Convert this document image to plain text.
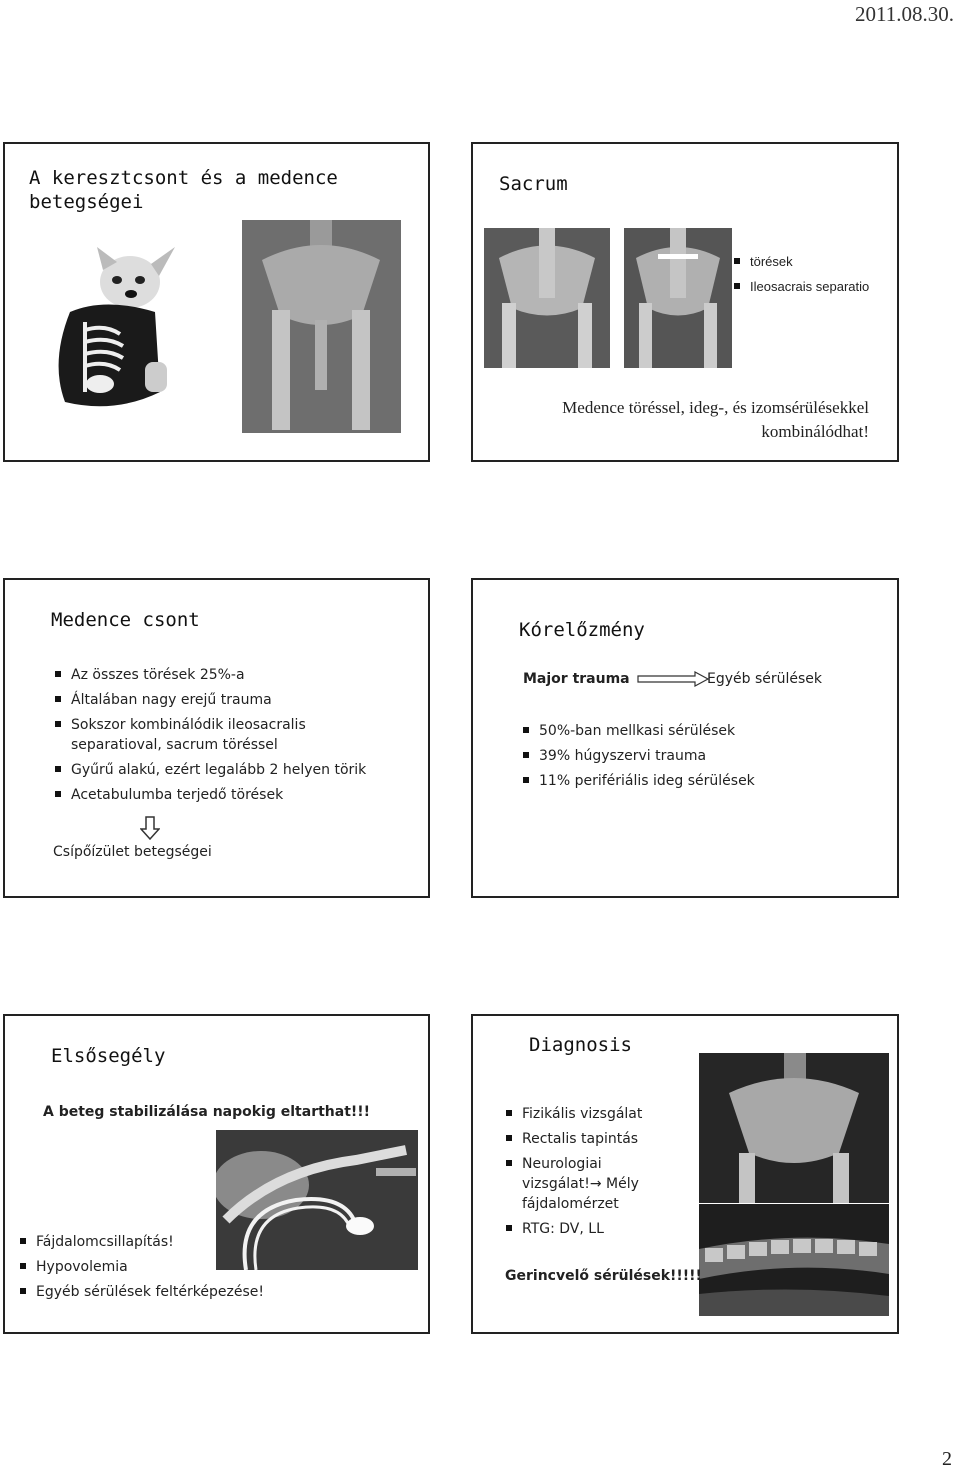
2011.08.30.
A keresztcsont és a medence betegségei
Sacrum
törések
Ileosacrais separatio
Medence töréssel, ideg-, és izomsérülésekkel kombinálódhat!
Medence csont
Az összes törések 25%-a
Általában nagy erejű trauma
Sokszor kombinálódik ileosacralis separatioval, sacrum töréssel
Gyűrű alakú, ezért legalább 2 helyen törik
Acetabulumba terjedő törések
Csípőízület betegségei
Kórelőzmény
Major trauma	Egyéb sérülések
50%-ban mellkasi sérülések
39% húgyszervi trauma
11% perifériális ideg sérülések
Elsősegély
A beteg stabilizálása napokig eltarthat!!!
Fájdalomcsillapítás!
Hypovolemia
Egyéb sérülések feltérképezése!
Diagnosis
Fizikális vizsgálat
Rectalis tapintás
Neurologiai vizsgálat!→ Mély fájdalomérzet
RTG: DV, LL
Gerincvelő sérülések!!!!!
2
